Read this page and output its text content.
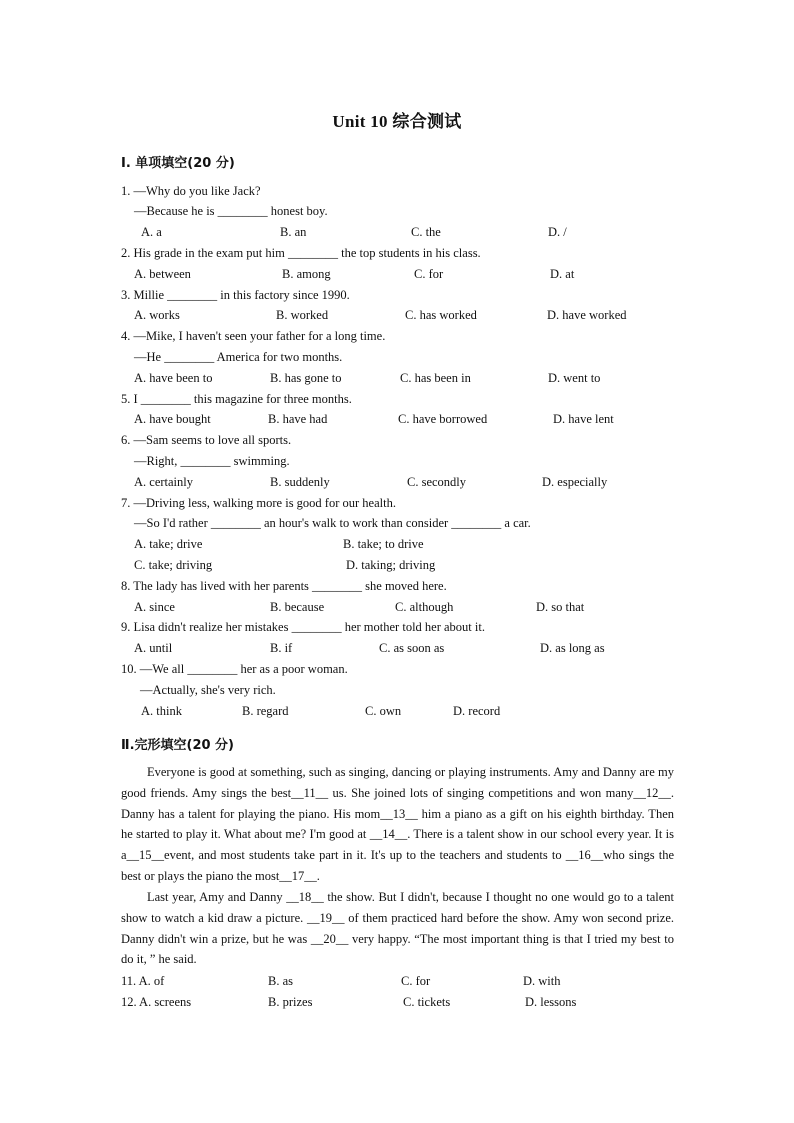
Unit 10 综合测试
Ⅰ. 单项填空(20 分)
1. —Why do you like Jack?
—Because he is ________ honest boy.
A. a	B. an	C. the	D. /
2. His grade in the exam put him ________ the top students in his class.
A. between	B. among	C. for	D. at
3. Millie ________ in this factory since 1990.
A. works	B. worked	C. has worked	D. have worked
4. —Mike, I haven't seen your father for a long time.
—He ________ America for two months.
A. have been to	B. has gone to	C. has been in	D. went to
5. I ________ this magazine for three months.
A. have bought	B. have had	C. have borrowed	D. have lent
6. —Sam seems to love all sports.
—Right, ________ swimming.
A. certainly	B. suddenly	C. secondly	D. especially
7. —Driving less, walking more is good for our health.
—So I'd rather ________ an hour's walk to work than consider ________ a car.
A. take; drive	B. take; to drive
C. take; driving	D. taking; driving
8. The lady has lived with her parents ________ she moved here.
A. since	B. because	C. although	D. so that
9. Lisa didn't realize her mistakes ________ her mother told her about it.
A. until	B. if	C. as soon as	D. as long as
10. —We all ________ her as a poor woman.
—Actually, she's very rich.
A. think	B. regard	C. own	D. record
Ⅱ.完形填空(20 分)
Everyone is good at something, such as singing, dancing or playing instruments. Amy and Danny are my good friends. Amy sings the best__11__ us. She joined lots of singing competitions and won many__12__. Danny has a talent for playing the piano. His mom__13__ him a piano as a gift on his eighth birthday. Then he started to play it. What about me? I'm good at __14__. There is a talent show in our school every year. It is a__15__event, and most students take part in it. It's up to the teachers and students to __16__who sings the best or plays the piano the most__17__.
Last year, Amy and Danny __18__ the show. But I didn't, because I thought no one would go to a talent show to watch a kid draw a picture. __19__ of them practiced hard before the show. Amy won second prize. Danny didn't win a prize, but he was __20__ very happy. “The most important thing is that I tried my best to do it, ” he said.
11. A. of	B. as	C. for	D. with
12. A. screens	B. prizes	C. tickets	D. lessons
